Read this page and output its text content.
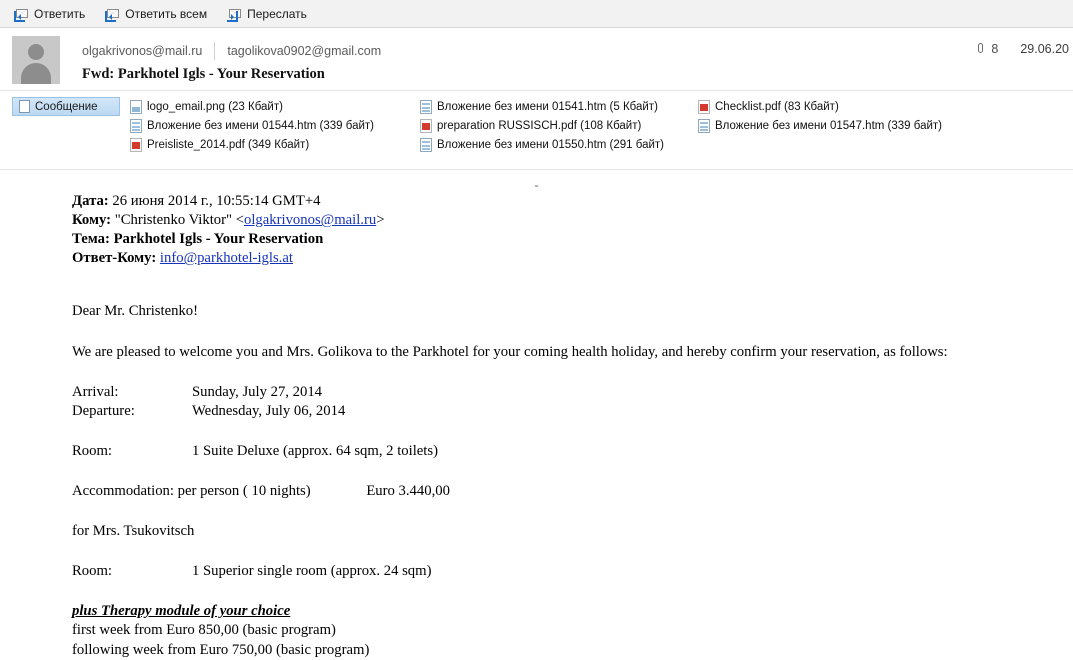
Ответить	Ответить всем	Переслать
olgakrivonos@mail.ru	tagolikova0902@gmail.com
Fwd: Parkhotel Igls - Your Reservation
8 29.06.20
Сообщение	logo_email.png (23 Кбайт)
Вложение без имени 01544.htm (339 байт)
Preisliste_2014.pdf (349 Кбайт)
Вложение без имени 01541.htm (5 Кбайт)
preparation RUSSISCH.pdf (108 Кбайт)
Вложение без имени 01550.htm (291 байт)
Checklist.pdf (83 Кбайт)
Вложение без имени 01547.htm (339 байт)
-
Дата: 26 июня 2014 г., 10:55:14 GMT+4
Кому: "Christenko Viktor" <olgakrivonos@mail.ru>
Тема: Parkhotel Igls - Your Reservation
Ответ-Кому: info@parkhotel-igls.at

Dear Mr. Christenko!

We are pleased to welcome you and Mrs. Golikova to the Parkhotel for your coming health holiday, and hereby confirm your reservation, as follows:

Arrival:	Sunday, July 27, 2014
Departure:	Wednesday, July 06, 2014

Room:	1 Suite Deluxe (approx. 64 sqm, 2 toilets)

Accommodation: per person ( 10 nights)	Euro 3.440,00

for Mrs. Tsukovitsch

Room:	1 Superior single room (approx. 24 sqm)

plus Therapy module of your choice
first week from Euro 850,00 (basic program)
following week from Euro 750,00 (basic program)
